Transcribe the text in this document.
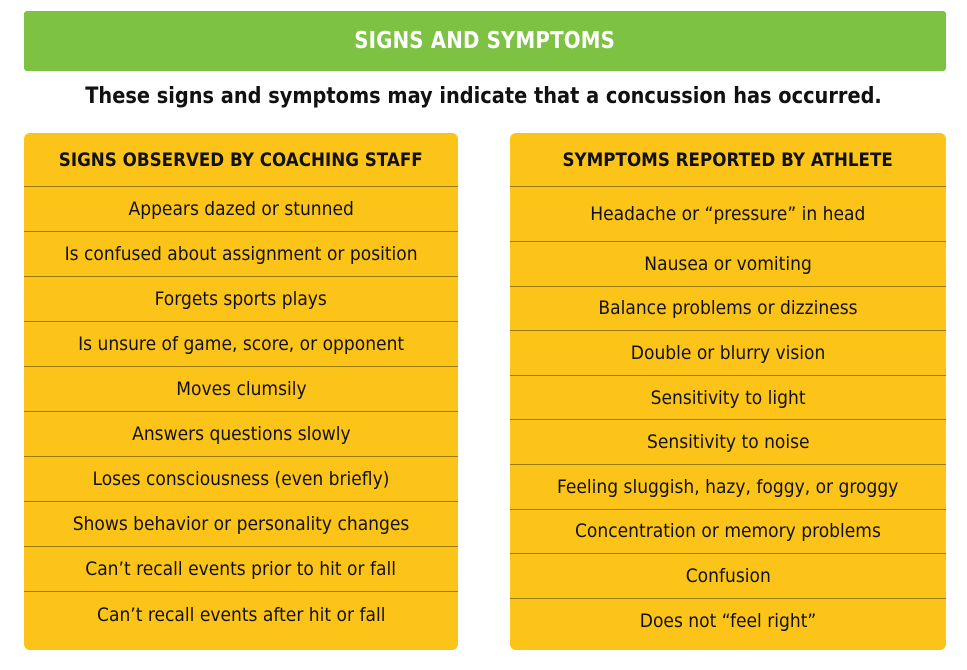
SIGNS AND SYMPTOMS
These signs and symptoms may indicate that a concussion has occurred.
SIGNS OBSERVED BY COACHING STAFF
Appears dazed or stunned
Is confused about assignment or position
Forgets sports plays
Is unsure of game, score, or opponent
Moves clumsily
Answers questions slowly
Loses consciousness (even briefly)
Shows behavior or personality changes
Can’t recall events prior to hit or fall
Can’t recall events after hit or fall
SYMPTOMS REPORTED BY ATHLETE
Headache or “pressure” in head
Nausea or vomiting
Balance problems or dizziness
Double or blurry vision
Sensitivity to light
Sensitivity to noise
Feeling sluggish, hazy, foggy, or groggy
Concentration or memory problems
Confusion
Does not “feel right”
